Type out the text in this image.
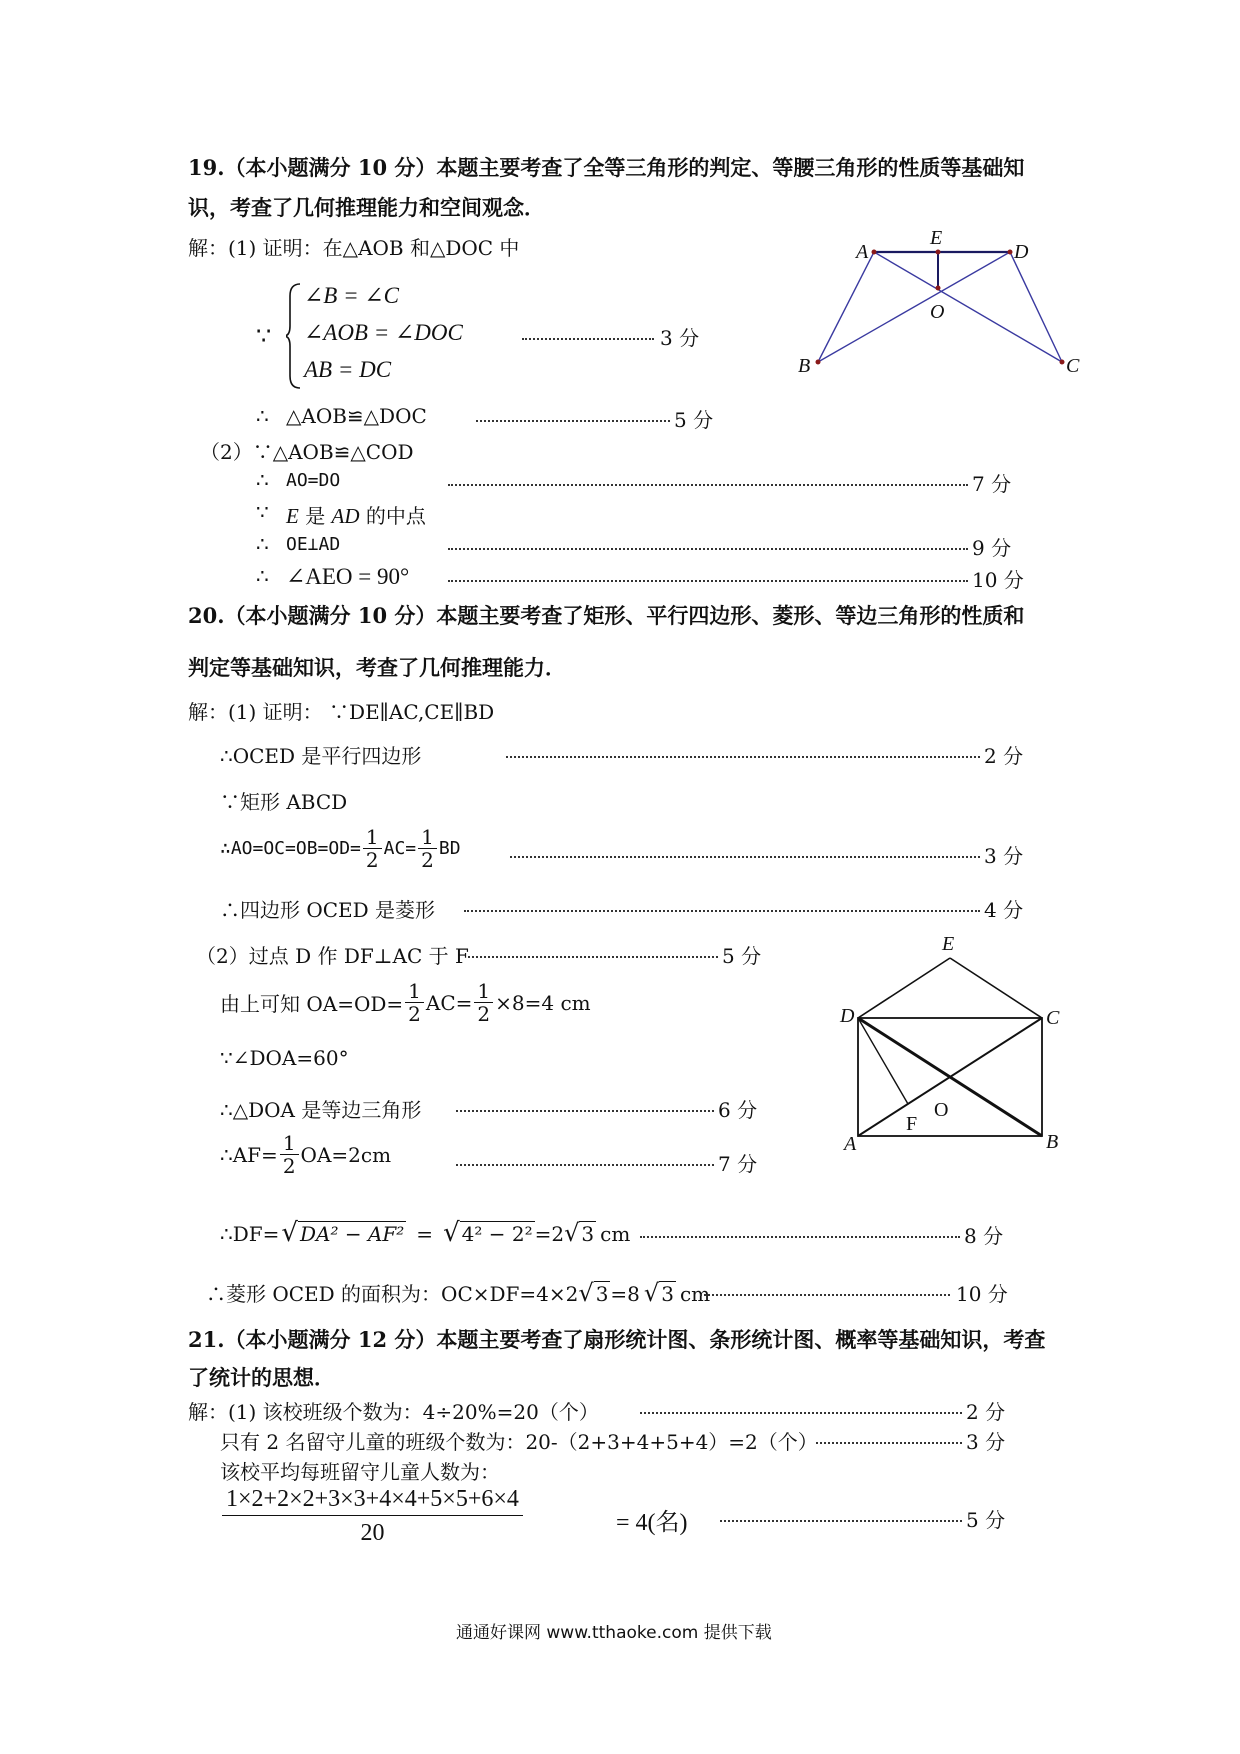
19.（本小题满分 10 分）本题主要考查了全等三角形的判定、等腰三角形的性质等基础知
识，考查了几何推理能力和空间观念．
解：(1) 证明：在△AOB 和△DOC 中
∵
∠B = ∠C
∠AOB = ∠DOC
AB = DC
3 分
∴ △AOB≌△DOC	5 分
（2）∵△AOB≌△COD
∴ AO=DO	7 分
∵ E 是 AD 的中点
∴ OE⊥AD	9 分
∴ ∠AEO = 90°	10 分
A
E
D
O
B	C
20.（本小题满分 10 分）本题主要考查了矩形、平行四边形、菱形、等边三角形的性质和
判定等基础知识，考查了几何推理能力．
解：(1) 证明： ∵DE∥AC,CE∥BD
∴OCED 是平行四边形	2 分
∵矩形 ABCD
∴AO=OC=OB=OD= $\frac{1}{2} AC= \frac{1}{2}$ BD	3 分
∴四边形 OCED 是菱形	4 分
（2）过点 D 作 DF⊥AC 于 F	5 分
由上可知 $OA=OD= \frac{1}{2} AC= \frac{1}{2} \times 8=4$ cm
∵∠DOA=60°
∴△DOA 是等边三角形	6 分
∴AF= $\frac{1}{2} OA=2cm$	7 分
∴DF= √ DA² − AF² = √ 4² − 2² =2 √ 3 cm	8 分
∴菱形 OCED 的面积为：OC×DF=4×2 √ 3 =8 √ 3 cm	10 分
E
D	C
O
F
A	B
21.（本小题满分 12 分）本题主要考查了扇形统计图、条形统计图、概率等基础知识，考查
了统计的思想．
解：(1) 该校班级个数为：4÷20%=20（个）	2 分
只有 2 名留守儿童的班级个数为：20-（2+3+4+5+4）=2（个）	3 分
该校平均每班留守儿童人数为：
$\frac{1\times 2+2\times 2+3\times 3+4\times 4+5\times 5+6\times 4}{20}$	= 4(名)	5 分
通通好课网 www.tthaoke.com 提供下载
